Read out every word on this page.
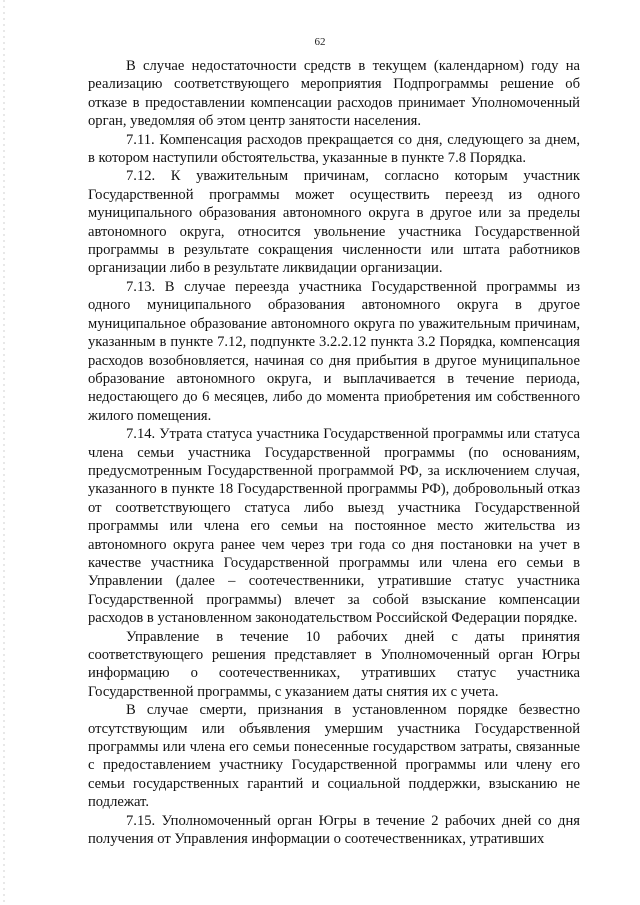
62

В случае недостаточности средств в текущем (календарном) году на реализацию соответствующего мероприятия Подпрограммы решение об отказе в предоставлении компенсации расходов принимает Уполномоченный орган, уведомляя об этом центр занятости населения.

7.11. Компенсация расходов прекращается со дня, следующего за днем, в котором наступили обстоятельства, указанные в пункте 7.8 Порядка.

7.12. К уважительным причинам, согласно которым участник Государственной программы может осуществить переезд из одного муниципального образования автономного округа в другое или за пределы автономного округа, относится увольнение участника Государственной программы в результате сокращения численности или штата работников организации либо в результате ликвидации организации.

7.13. В случае переезда участника Государственной программы из одного муниципального образования автономного округа в другое муниципальное образование автономного округа по уважительным причинам, указанным в пункте 7.12, подпункте 3.2.2.12 пункта 3.2 Порядка, компенсация расходов возобновляется, начиная со дня прибытия в другое муниципальное образование автономного округа, и выплачивается в течение периода, недостающего до 6 месяцев, либо до момента приобретения им собственного жилого помещения.

7.14. Утрата статуса участника Государственной программы или статуса члена семьи участника Государственной программы (по основаниям, предусмотренным Государственной программой РФ, за исключением случая, указанного в пункте 18 Государственной программы РФ), добровольный отказ от соответствующего статуса либо выезд участника Государственной программы или члена его семьи на постоянное место жительства из автономного округа ранее чем через три года со дня постановки на учет в качестве участника Государственной программы или члена его семьи в Управлении (далее – соотечественники, утратившие статус участника Государственной программы) влечет за собой взыскание компенсации расходов в установленном законодательством Российской Федерации порядке.

Управление в течение 10 рабочих дней с даты принятия соответствующего решения представляет в Уполномоченный орган Югры информацию о соотечественниках, утративших статус участника Государственной программы, с указанием даты снятия их с учета.

В случае смерти, признания в установленном порядке безвестно отсутствующим или объявления умершим участника Государственной программы или члена его семьи понесенные государством затраты, связанные с предоставлением участнику Государственной программы или члену его семьи государственных гарантий и социальной поддержки, взысканию не подлежат.

7.15. Уполномоченный орган Югры в течение 2 рабочих дней со дня получения от Управления информации о соотечественниках, утративших
